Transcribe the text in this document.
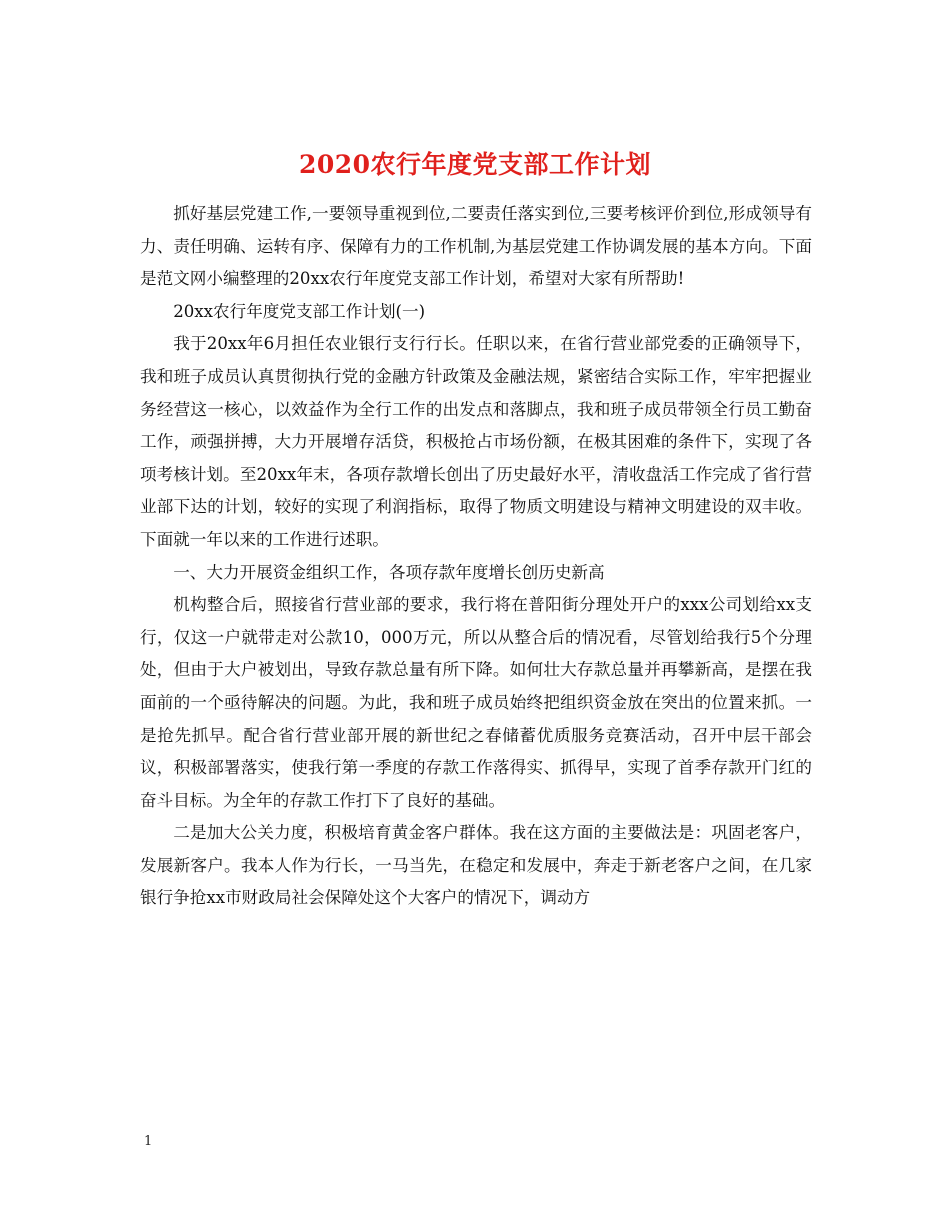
2020农行年度党支部工作计划

抓好基层党建工作,一要领导重视到位,二要责任落实到位,三要考核评价到位,形成领导有力、责任明确、运转有序、保障有力的工作机制,为基层党建工作协调发展的基本方向。下面是范文网小编整理的20xx农行年度党支部工作计划，希望对大家有所帮助!

20xx农行年度党支部工作计划(一)

我于20xx年6月担任农业银行支行行长。任职以来，在省行营业部党委的正确领导下，我和班子成员认真贯彻执行党的金融方针政策及金融法规，紧密结合实际工作，牢牢把握业务经营这一核心，以效益作为全行工作的出发点和落脚点，我和班子成员带领全行员工勤奋工作，顽强拼搏，大力开展增存活贷，积极抢占市场份额，在极其困难的条件下，实现了各项考核计划。至20xx年末，各项存款增长创出了历史最好水平，清收盘活工作完成了省行营业部下达的计划，较好的实现了利润指标，取得了物质文明建设与精神文明建设的双丰收。下面就一年以来的工作进行述职。

一、大力开展资金组织工作，各项存款年度增长创历史新高

机构整合后，照接省行营业部的要求，我行将在普阳街分理处开户的xxx公司划给xx支行，仅这一户就带走对公款10，000万元，所以从整合后的情况看，尽管划给我行5个分理处，但由于大户被划出，导致存款总量有所下降。如何壮大存款总量并再攀新高，是摆在我面前的一个亟待解决的问题。为此，我和班子成员始终把组织资金放在突出的位置来抓。一是抢先抓早。配合省行营业部开展的新世纪之春储蓄优质服务竞赛活动，召开中层干部会议，积极部署落实，使我行第一季度的存款工作落得实、抓得早，实现了首季存款开门红的奋斗目标。为全年的存款工作打下了良好的基础。

二是加大公关力度，积极培育黄金客户群体。我在这方面的主要做法是：巩固老客户，发展新客户。我本人作为行长，一马当先，在稳定和发展中，奔走于新老客户之间，在几家银行争抢xx市财政局社会保障处这个大客户的情况下，调动方

1
